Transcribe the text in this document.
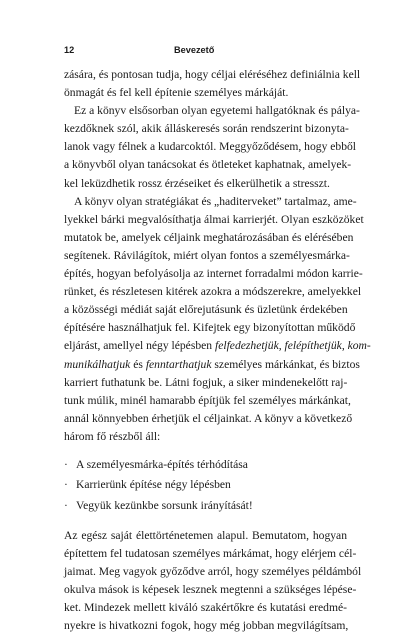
12	Bevezető
zására, és pontosan tudja, hogy céljai eléréséhez definiálnia kell
önmagát és fel kell építenie személyes márkáját.
Ez a könyv elsősorban olyan egyetemi hallgatóknak és pálya-
kezdőknek szól, akik álláskeresés során rendszerint bizonyta-
lanok vagy félnek a kudarcoktól. Meggyőződésem, hogy ebből
a könyvből olyan tanácsokat és ötleteket kaphatnak, amelyek-
kel leküzdhetik rossz érzéseiket és elkerülhetik a stresszt.
A könyv olyan stratégiákat és „haditerveket” tartalmaz, ame-
lyekkel bárki megvalósíthatja álmai karrierjét. Olyan eszközöket
mutatok be, amelyek céljaink meghatározásában és elérésében
segítenek. Rávilágítok, miért olyan fontos a személyesmárka-
építés, hogyan befolyásolja az internet forradalmi módon karrie-
rünket, és részletesen kitérek azokra a módszerekre, amelyekkel
a közösségi médiát saját előrejutásunk és üzletünk érdekében
építésére használhatjuk fel. Kifejtek egy bizonyítottan működő
eljárást, amellyel négy lépésben felfedezhetjük, felépíthetjük, kom-
munikálhatjuk és fenntarthatjuk személyes márkánkat, és biztos
karriert futhatunk be. Látni fogjuk, a siker mindenekelőtt raj-
tunk múlik, minél hamarabb építjük fel személyes márkánkat,
annál könnyebben érhetjük el céljainkat. A könyv a következő
három fő részből áll:
· A személyesmárka-építés térhódítása
· Karrierünk építése négy lépésben
· Vegyük kezünkbe sorsunk irányítását!
Az egész saját élettörténetemen alapul. Bemutatom, hogyan
építettem fel tudatosan személyes márkámat, hogy elérjem cél-
jaimat. Meg vagyok győződve arról, hogy személyes példámból
okulva mások is képesek lesznek megtenni a szükséges lépése-
ket. Mindezek mellett kiváló szakértőkre és kutatási eredmé-
nyekre is hivatkozni fogok, hogy még jobban megvilágítsam,
